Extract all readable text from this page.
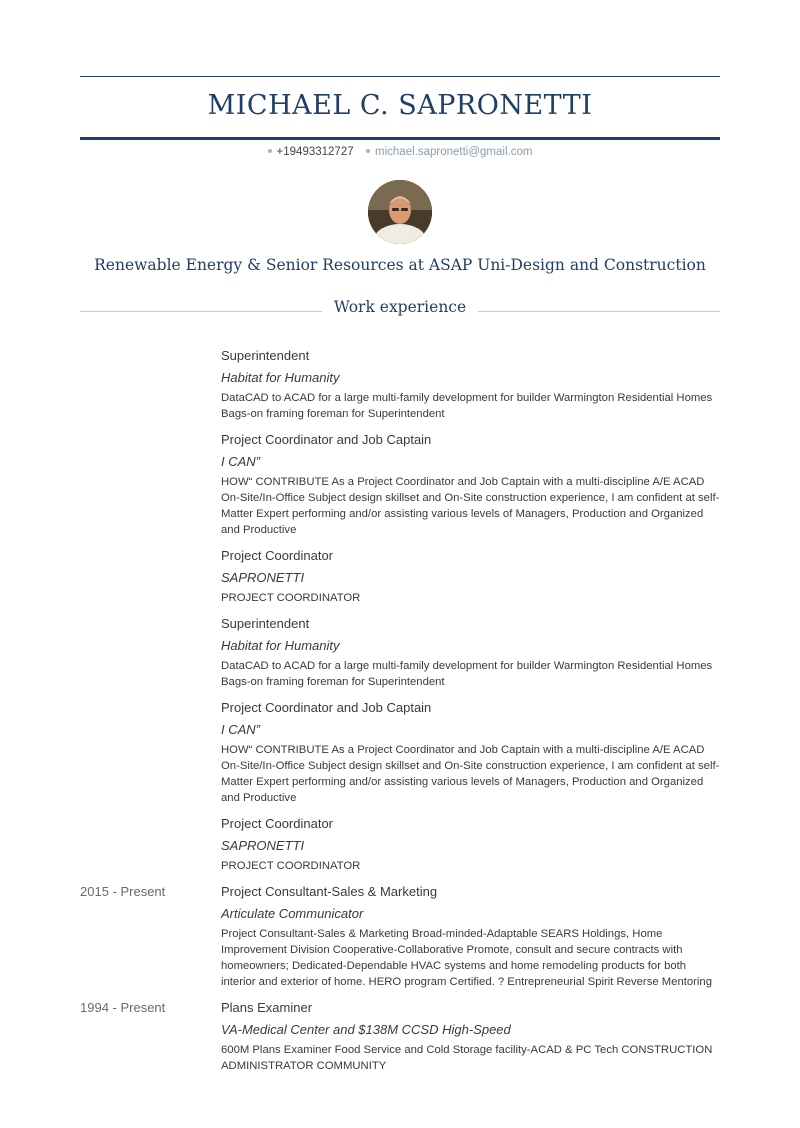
MICHAEL C. SAPRONETTI
+19493312727 michael.sapronetti@gmail.com
Renewable Energy & Senior Resources at ASAP Uni-Design and Construction
Work experience
Superintendent
Habitat for Humanity
DataCAD to ACAD for a large multi-family development for builder Warmington Residential Homes Bags-on framing foreman for Superintendent
Project Coordinator and Job Captain
I CAN”
HOW“ CONTRIBUTE As a Project Coordinator and Job Captain with a multi-discipline A/E ACAD On-Site/In-Office Subject design skillset and On-Site construction experience, I am confident at self- Matter Expert performing and/or assisting various levels of Managers, Production and Organized and Productive
Project Coordinator
SAPRONETTI
PROJECT COORDINATOR
Superintendent
Habitat for Humanity
DataCAD to ACAD for a large multi-family development for builder Warmington Residential Homes Bags-on framing foreman for Superintendent
Project Coordinator and Job Captain
I CAN”
HOW“ CONTRIBUTE As a Project Coordinator and Job Captain with a multi-discipline A/E ACAD On-Site/In-Office Subject design skillset and On-Site construction experience, I am confident at self- Matter Expert performing and/or assisting various levels of Managers, Production and Organized and Productive
Project Coordinator
SAPRONETTI
PROJECT COORDINATOR
2015 - Present	Project Consultant-Sales & Marketing
Articulate Communicator
Project Consultant-Sales & Marketing Broad-minded-Adaptable SEARS Holdings, Home Improvement Division Cooperative-Collaborative Promote, consult and secure contracts with homeowners; Dedicated-Dependable HVAC systems and home remodeling products for both interior and exterior of home. HERO program Certified. ? Entrepreneurial Spirit Reverse Mentoring
1994 - Present	Plans Examiner
VA-Medical Center and $138M CCSD High-Speed
600M Plans Examiner Food Service and Cold Storage facility-ACAD & PC Tech CONSTRUCTION ADMINISTRATOR COMMUNITY
